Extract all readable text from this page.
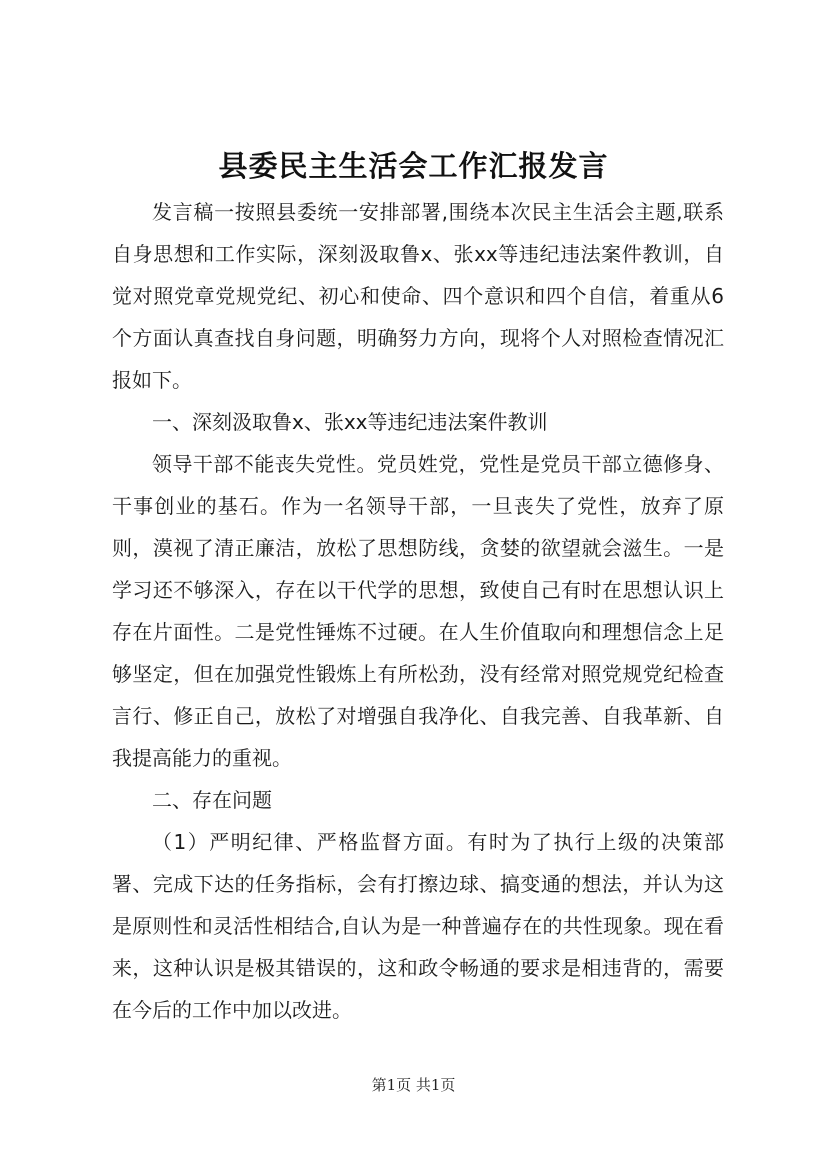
县委民主生活会工作汇报发言

发言稿一按照县委统一安排部署,围绕本次民主生活会主题,联系自身思想和工作实际，深刻汲取鲁x、张xx等违纪违法案件教训，自觉对照党章党规党纪、初心和使命、四个意识和四个自信，着重从6个方面认真查找自身问题，明确努力方向，现将个人对照检查情况汇报如下。

一、深刻汲取鲁x、张xx等违纪违法案件教训

领导干部不能丧失党性。党员姓党，党性是党员干部立德修身、干事创业的基石。作为一名领导干部，一旦丧失了党性，放弃了原则，漠视了清正廉洁，放松了思想防线，贪婪的欲望就会滋生。一是学习还不够深入，存在以干代学的思想，致使自己有时在思想认识上存在片面性。二是党性锤炼不过硬。在人生价值取向和理想信念上足够坚定，但在加强党性锻炼上有所松劲，没有经常对照党规党纪检查言行、修正自己，放松了对增强自我净化、自我完善、自我革新、自我提高能力的重视。

二、存在问题

（1）严明纪律、严格监督方面。有时为了执行上级的决策部署、完成下达的任务指标，会有打擦边球、搞变通的想法，并认为这是原则性和灵活性相结合,自认为是一种普遍存在的共性现象。现在看来，这种认识是极其错误的，这和政令畅通的要求是相违背的，需要在今后的工作中加以改进。

第1页 共1页
